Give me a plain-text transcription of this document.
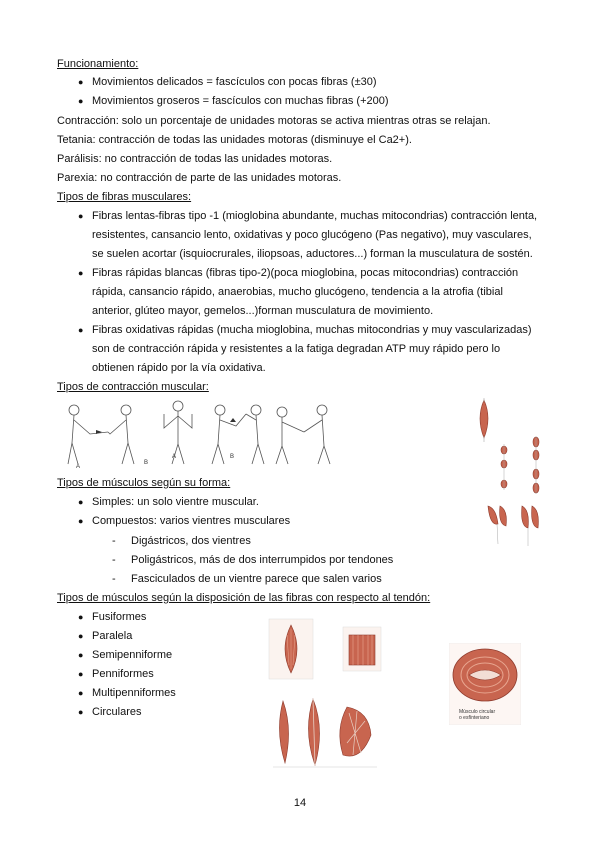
Funcionamiento:
● Movimientos delicados = fascículos con pocas fibras (±30)
● Movimientos groseros = fascículos con muchas fibras (+200)
Contracción: solo un porcentaje de unidades motoras se activa mientras otras se relajan.
Tetania: contracción de todas las unidades motoras (disminuye el Ca2+).
Parálisis: no contracción de todas las unidades motoras.
Parexia: no contracción de parte de las unidades motoras.
Tipos de fibras musculares:
● Fibras lentas-fibras tipo -1 (mioglobina abundante, muchas mitocondrias) contracción lenta,
resistentes, cansancio lento, oxidativas y poco glucógeno (Pas negativo), muy vasculares,
se suelen acortar (isquiocrurales, iliopsoas, aductores...) forman la musculatura de sostén.
● Fibras rápidas blancas (fibras tipo-2)(poca mioglobina, pocas mitocondrias) contracción
rápida, cansancio rápido, anaerobias, mucho glucógeno, tendencia a la atrofia (tibial
anterior, glúteo mayor, gemelos...)forman musculatura de movimiento.
● Fibras oxidativas rápidas (mucha mioglobina, muchas mitocondrias y muy vascularizadas)
son de contracción rápida y resistentes a la fatiga degradan ATP muy rápido pero lo
obtienen rápido por la vía oxidativa.
Tipos de contracción muscular:
A
B
A	B
Tipos de músculos según su forma:
● Simples: un solo vientre muscular.
● Compuestos: varios vientres musculares
- Digástricos, dos vientres
- Poligástricos, más de dos interrumpidos por tendones
- Fasciculados de un vientre parece que salen varios
Tipos de músculos según la disposición de las fibras con respecto al tendón:
● Fusiformes
● Paralela
● Semipenniforme
● Penniformes
● Multipenniformes
● Circulares	Músculo circular
o esfínteriano
14
